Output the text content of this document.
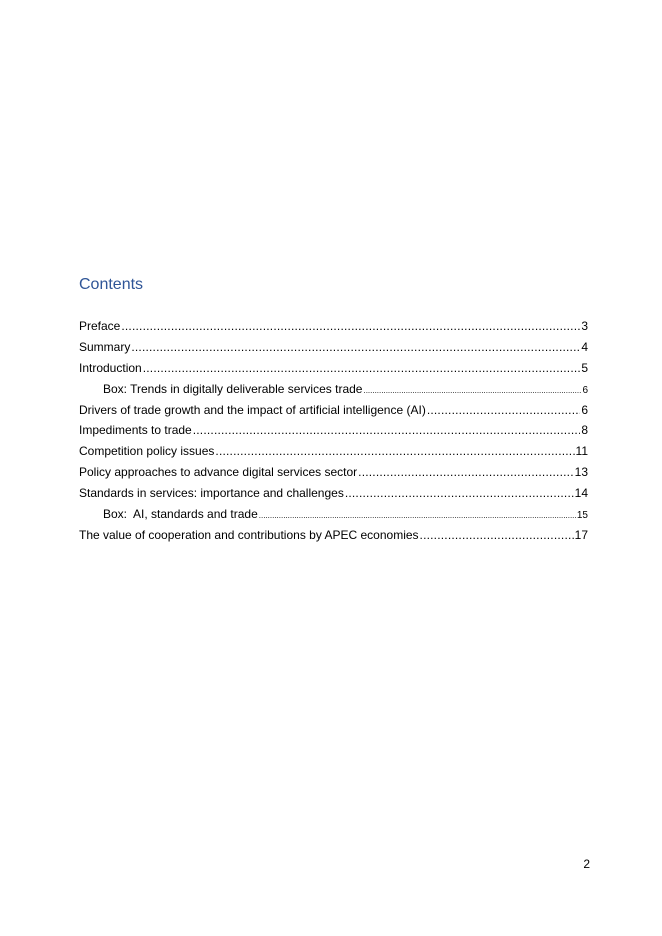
Contents
Preface .....	3
Summary .....	4
Introduction .....	5
Box: Trends in digitally deliverable services trade .....	6
Drivers of trade growth and the impact of artificial intelligence (AI) .....	6
Impediments to trade .....	8
Competition policy issues .....	11
Policy approaches to advance digital services sector .....	13
Standards in services: importance and challenges .....	14
Box:  AI, standards and trade .....	15
The value of cooperation and contributions by APEC economies .....	17
2
